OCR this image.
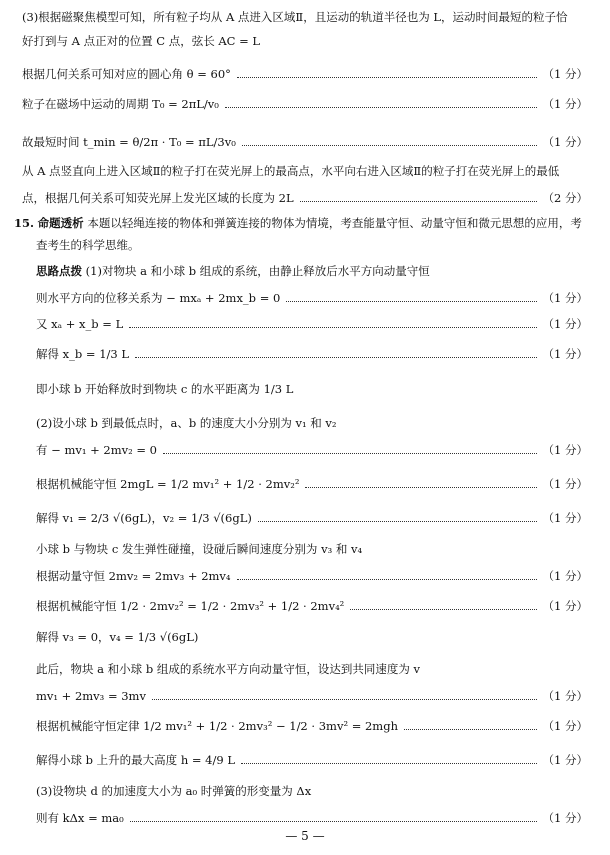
(3)根据磁聚焦模型可知，所有粒子均从 A 点进入区域Ⅱ，且运动的轨道半径也为 L，运动时间最短的粒子恰
好打到与 A 点正对的位置 C 点，弦长 AC = L
根据几何关系可知对应的圆心角 θ = 60°	（1 分）
粒子在磁场中运动的周期 T₀ = 2πL/v₀	（1 分）
故最短时间 t_min = θ/2π · T₀ = πL/3v₀	（1 分）
从 A 点竖直向上进入区域Ⅱ的粒子打在荧光屏上的最高点，水平向右进入区域Ⅱ的粒子打在荧光屏上的最低
点，根据几何关系可知荧光屏上发光区域的长度为 2L	（2 分）
15. 命题透析 本题以轻绳连接的物体和弹簧连接的物体为情境，考查能量守恒、动量守恒和微元思想的应用，考
查考生的科学思维。
思路点拨 (1)对物块 a 和小球 b 组成的系统，由静止释放后水平方向动量守恒
则水平方向的位移关系为 − mxₐ + 2mx_b = 0	（1 分）
又 xₐ + x_b = L	（1 分）
解得 x_b = 1/3 L	（1 分）
即小球 b 开始释放时到物块 c 的水平距离为 1/3 L
(2)设小球 b 到最低点时，a、b 的速度大小分别为 v₁ 和 v₂
有 − mv₁ + 2mv₂ = 0	（1 分）
根据机械能守恒 2mgL = 1/2 mv₁² + 1/2 · 2mv₂²	（1 分）
解得 v₁ = 2/3 √(6gL)，v₂ = 1/3 √(6gL)	（1 分）
小球 b 与物块 c 发生弹性碰撞，设碰后瞬间速度分别为 v₃ 和 v₄
根据动量守恒 2mv₂ = 2mv₃ + 2mv₄	（1 分）
根据机械能守恒 1/2 · 2mv₂² = 1/2 · 2mv₃² + 1/2 · 2mv₄²	（1 分）
解得 v₃ = 0，v₄ = 1/3 √(6gL)
此后，物块 a 和小球 b 组成的系统水平方向动量守恒，设达到共同速度为 v
mv₁ + 2mv₃ = 3mv	（1 分）
根据机械能守恒定律 1/2 mv₁² + 1/2 · 2mv₃² − 1/2 · 3mv² = 2mgh	（1 分）
解得小球 b 上升的最大高度 h = 4/9 L	（1 分）
(3)设物块 d 的加速度大小为 a₀ 时弹簧的形变量为 Δx
则有 kΔx = ma₀	（1 分）
— 5 —
